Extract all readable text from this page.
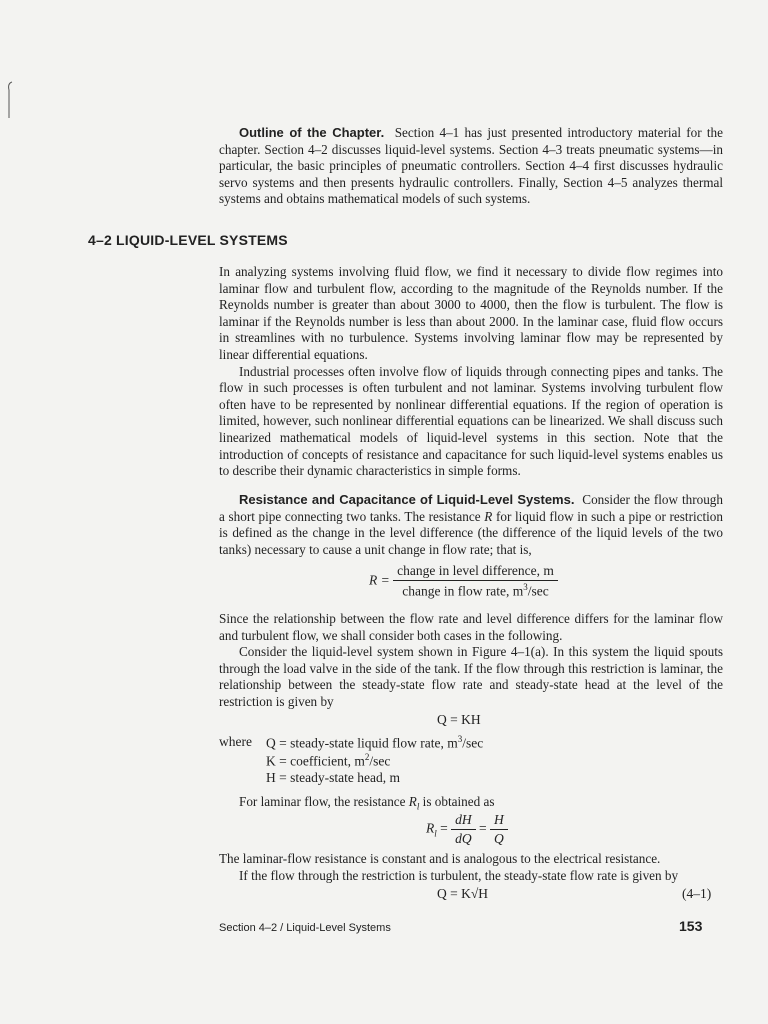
Outline of the Chapter. Section 4–1 has just presented introductory material for the chapter. Section 4–2 discusses liquid-level systems. Section 4–3 treats pneumatic systems—in particular, the basic principles of pneumatic controllers. Section 4–4 first discusses hydraulic servo systems and then presents hydraulic controllers. Finally, Section 4–5 analyzes thermal systems and obtains mathematical models of such systems.

4–2 LIQUID-LEVEL SYSTEMS

In analyzing systems involving fluid flow, we find it necessary to divide flow regimes into laminar flow and turbulent flow, according to the magnitude of the Reynolds number. If the Reynolds number is greater than about 3000 to 4000, then the flow is turbulent. The flow is laminar if the Reynolds number is less than about 2000. In the laminar case, fluid flow occurs in streamlines with no turbulence. Systems involving laminar flow may be represented by linear differential equations.

Industrial processes often involve flow of liquids through connecting pipes and tanks. The flow in such processes is often turbulent and not laminar. Systems involving turbulent flow often have to be represented by nonlinear differential equations. If the region of operation is limited, however, such nonlinear differential equations can be linearized. We shall discuss such linearized mathematical models of liquid-level systems in this section. Note that the introduction of concepts of resistance and capacitance for such liquid-level systems enables us to describe their dynamic characteristics in simple forms.

Resistance and Capacitance of Liquid-Level Systems. Consider the flow through a short pipe connecting two tanks. The resistance R for liquid flow in such a pipe or restriction is defined as the change in the level difference (the difference of the liquid levels of the two tanks) necessary to cause a unit change in flow rate; that is,

$R = \frac{\text{change in level difference, m}}{change in flow rate, m^3/\sec}$

Since the relationship between the flow rate and level difference differs for the laminar flow and turbulent flow, we shall consider both cases in the following.

Consider the liquid-level system shown in Figure 4–1(a). In this system the liquid spouts through the load valve in the side of the tank. If the flow through this restriction is laminar, the relationship between the steady-state flow rate and steady-state head at the level of the restriction is given by

Q = KH
where Q = steady-state liquid flow rate, $m^3/\sec$
K = coefficient, $m^2/\sec$
H = steady-state head, m

For laminar flow, the resistance $R_l$ is obtained as

$R_l = \frac{dH}{dQ} = \frac{H}{Q}$

The laminar-flow resistance is constant and is analogous to the electrical resistance.

If the flow through the restriction is turbulent, the steady-state flow rate is given by

Q = K√H	(4–1)
Section 4–2 / Liquid-Level Systems	153
